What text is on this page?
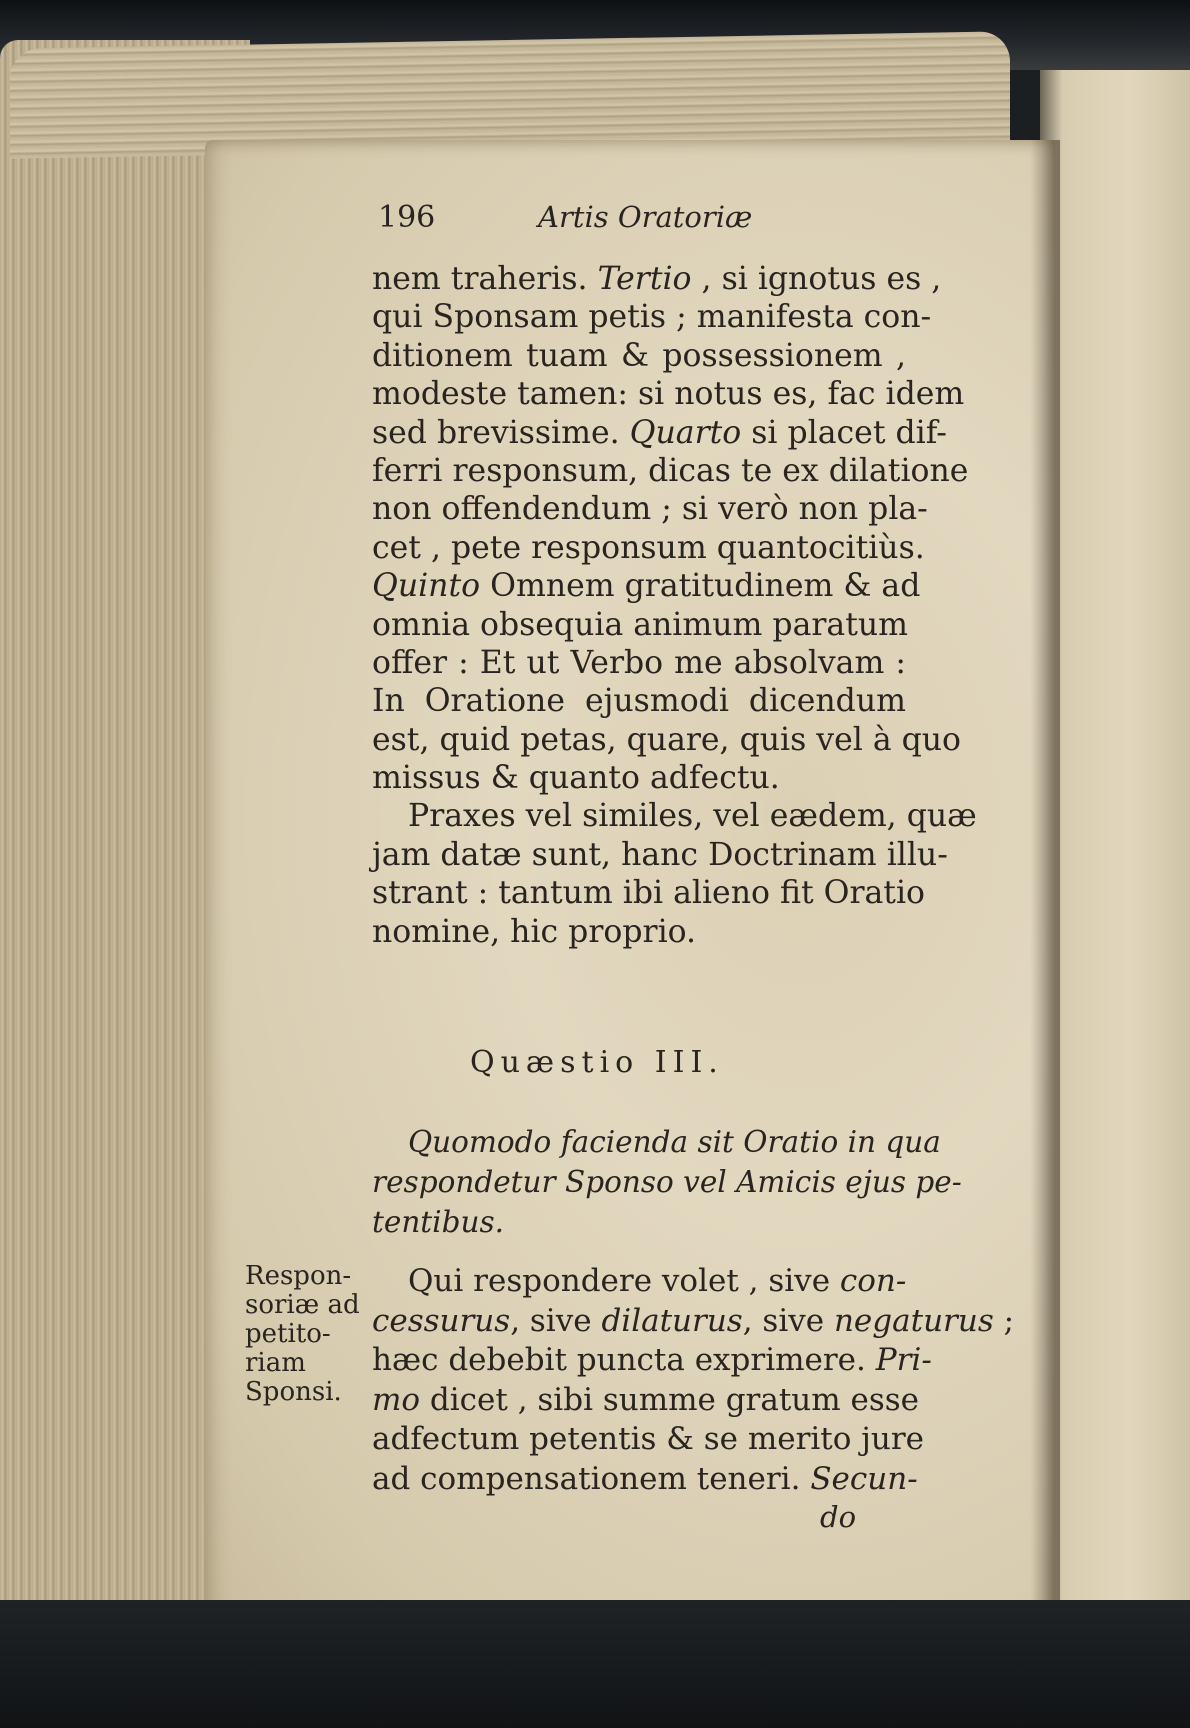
196	Artis Oratoriæ
nem traheris. Tertio , si ignotus es ,
qui Sponsam petis ; manifesta con-
ditionem tuam & possessionem ,
modeste tamen: si notus es, fac idem
sed brevissime. Quarto si placet dif-
ferri responsum, dicas te ex dilatione
non offendendum ; si verò non pla-
cet , pete responsum quantocitiùs.
Quinto Omnem gratitudinem & ad
omnia obsequia animum paratum
offer : Et ut Verbo me absolvam :
In Oratione ejusmodi dicendum
est, quid petas, quare, quis vel à quo
missus & quanto adfectu.
Praxes vel similes, vel eædem, quæ
jam datæ sunt, hanc Doctrinam illu-
strant : tantum ibi alieno fit Oratio
nomine, hic proprio.
Quæstio III.
Quomodo facienda sit Oratio in qua
respondetur Sponso vel Amicis ejus pe-
tentibus.
Respon-
soriæ ad
petito-
riam
Sponsi.
Qui respondere volet , sive con-
cessurus, sive dilaturus, sive negaturus ;
hæc debebit puncta exprimere. Pri-
mo dicet , sibi summe gratum esse
adfectum petentis & se merito jure
ad compensationem teneri. Secun-
do
